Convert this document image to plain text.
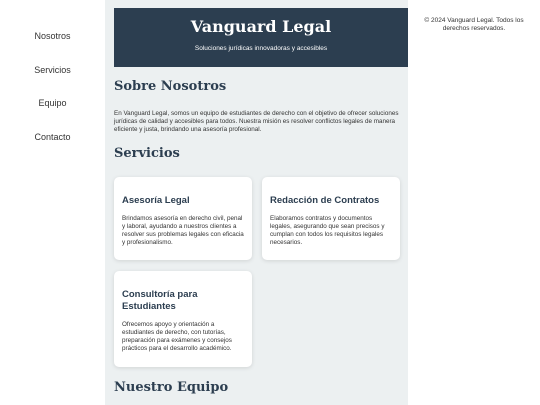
Nosotros
Servicios
Equipo
Contacto
Vanguard Legal
Soluciones jurídicas innovadoras y accesibles
Sobre Nosotros

En Vanguard Legal, somos un equipo de estudiantes de derecho con el objetivo de ofrecer soluciones jurídicas de calidad y accesibles para todos. Nuestra misión es resolver conflictos legales de manera eficiente y justa, brindando una asesoría profesional.

Servicios
Asesoría Legal
Brindamos asesoría en derecho civil, penal y laboral, ayudando a nuestros clientes a resolver sus problemas legales con eficacia y profesionalismo.
Redacción de Contratos
Elaboramos contratos y documentos legales, asegurando que sean precisos y cumplan con todos los requisitos legales necesarios.
Consultoría para Estudiantes
Ofrecemos apoyo y orientación a estudiantes de derecho, con tutorías, preparación para exámenes y consejos prácticos para el desarrollo académico.
Nuestro Equipo
© 2024 Vanguard Legal. Todos los derechos reservados.
